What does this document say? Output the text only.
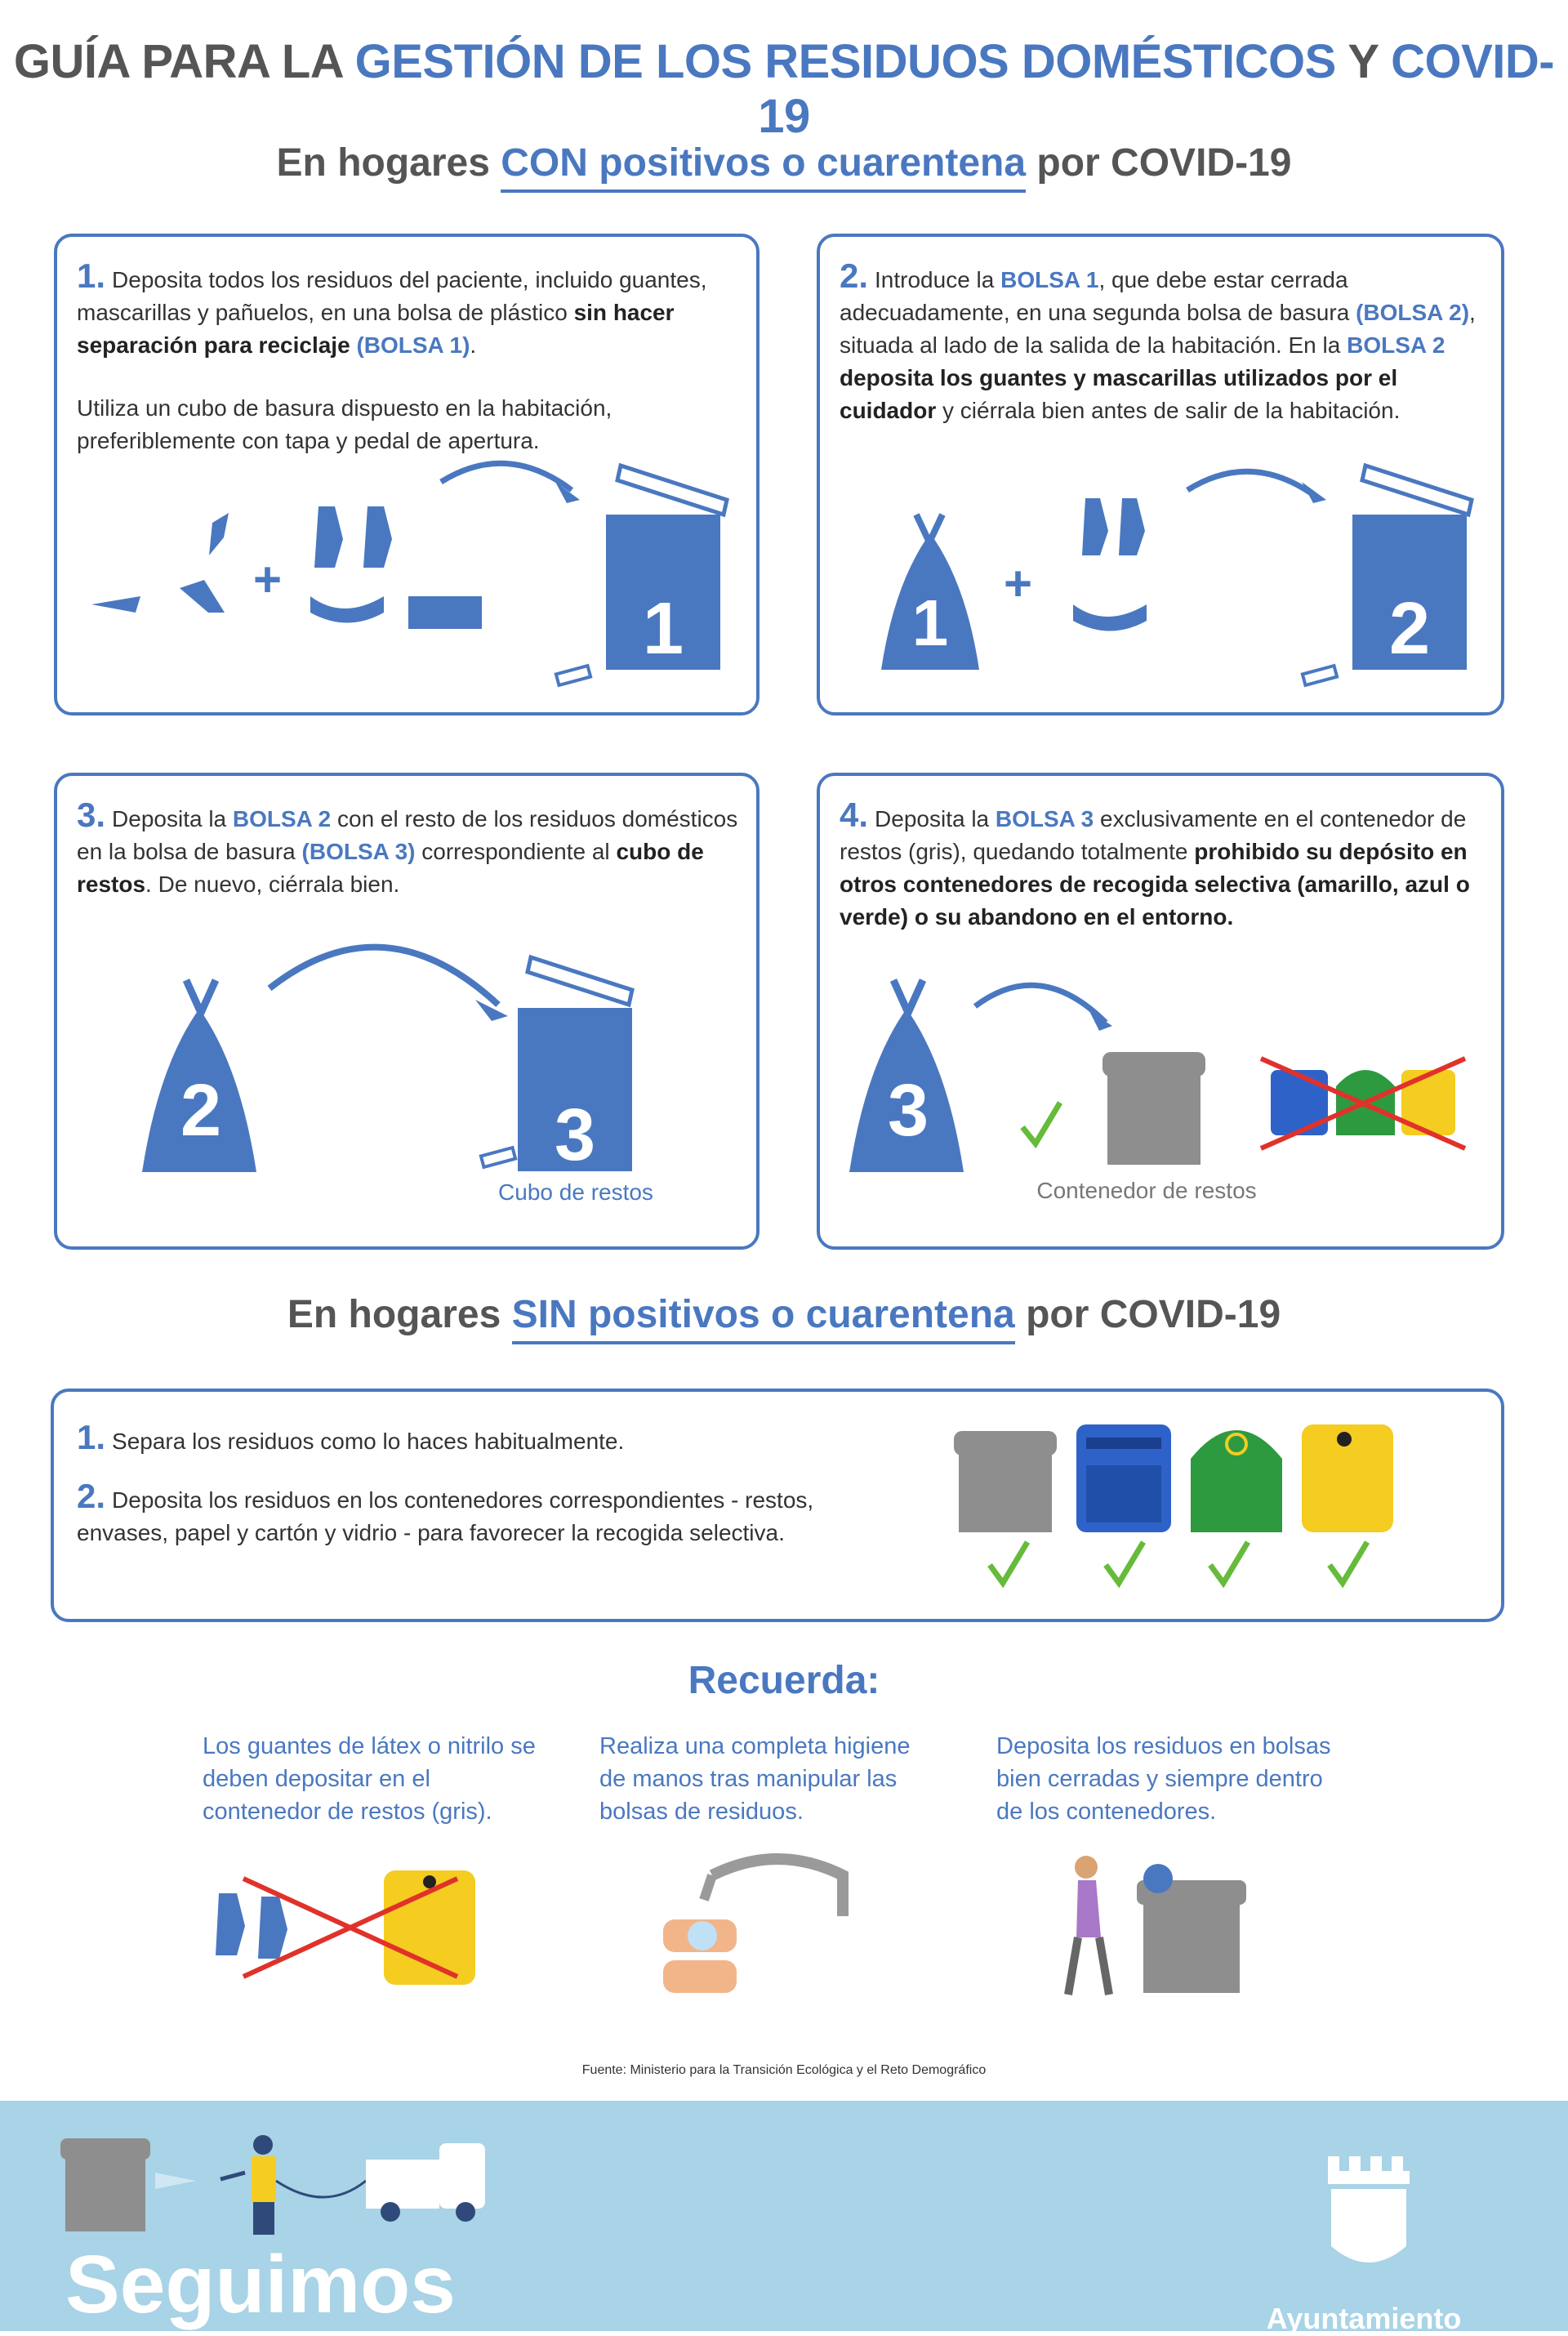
GUÍA PARA LA GESTIÓN DE LOS RESIDUOS DOMÉSTICOS Y COVID-19
En hogares CON positivos o cuarentena por COVID-19
1. Deposita todos los residuos del paciente, incluido guantes, mascarillas y pañuelos, en una bolsa de plástico sin hacer separación para reciclaje (BOLSA 1).
Utiliza un cubo de basura dispuesto en la habitación, preferiblemente con tapa y pedal de apertura.
+
1
2. Introduce la BOLSA 1, que debe estar cerrada adecuadamente, en una segunda bolsa de basura (BOLSA 2), situada al lado de la salida de la habitación. En la BOLSA 2 deposita los guantes y mascarillas utilizados por el cuidador y ciérrala bien antes de salir de la habitación.
1
+
2
3. Deposita la BOLSA 2 con el resto de los residuos domésticos en la bolsa de basura (BOLSA 3) correspondiente al cubo de restos. De nuevo, ciérrala bien.
2	3
Cubo de restos
4. Deposita la BOLSA 3 exclusivamente en el contenedor de restos (gris), quedando totalmente prohibido su depósito en otros contenedores de recogida selectiva (amarillo, azul o verde) o su abandono en el entorno.
3
Contenedor de restos
En hogares SIN positivos o cuarentena por COVID-19
1. Separa los residuos como lo haces habitualmente.
2. Deposita los residuos en los contenedores correspondientes - restos, envases, papel y cartón y vidrio - para favorecer la recogida selectiva.
Recuerda:
Los guantes de látex o nitrilo se deben depositar en el contenedor de restos (gris).
Realiza una completa higiene de manos tras manipular las bolsas de residuos.
Deposita los residuos en bolsas bien cerradas y siempre dentro de los contenedores.
Fuente: Ministerio para la Transición Ecológica y el Reto Demográfico
Seguimos	Ayuntamiento
